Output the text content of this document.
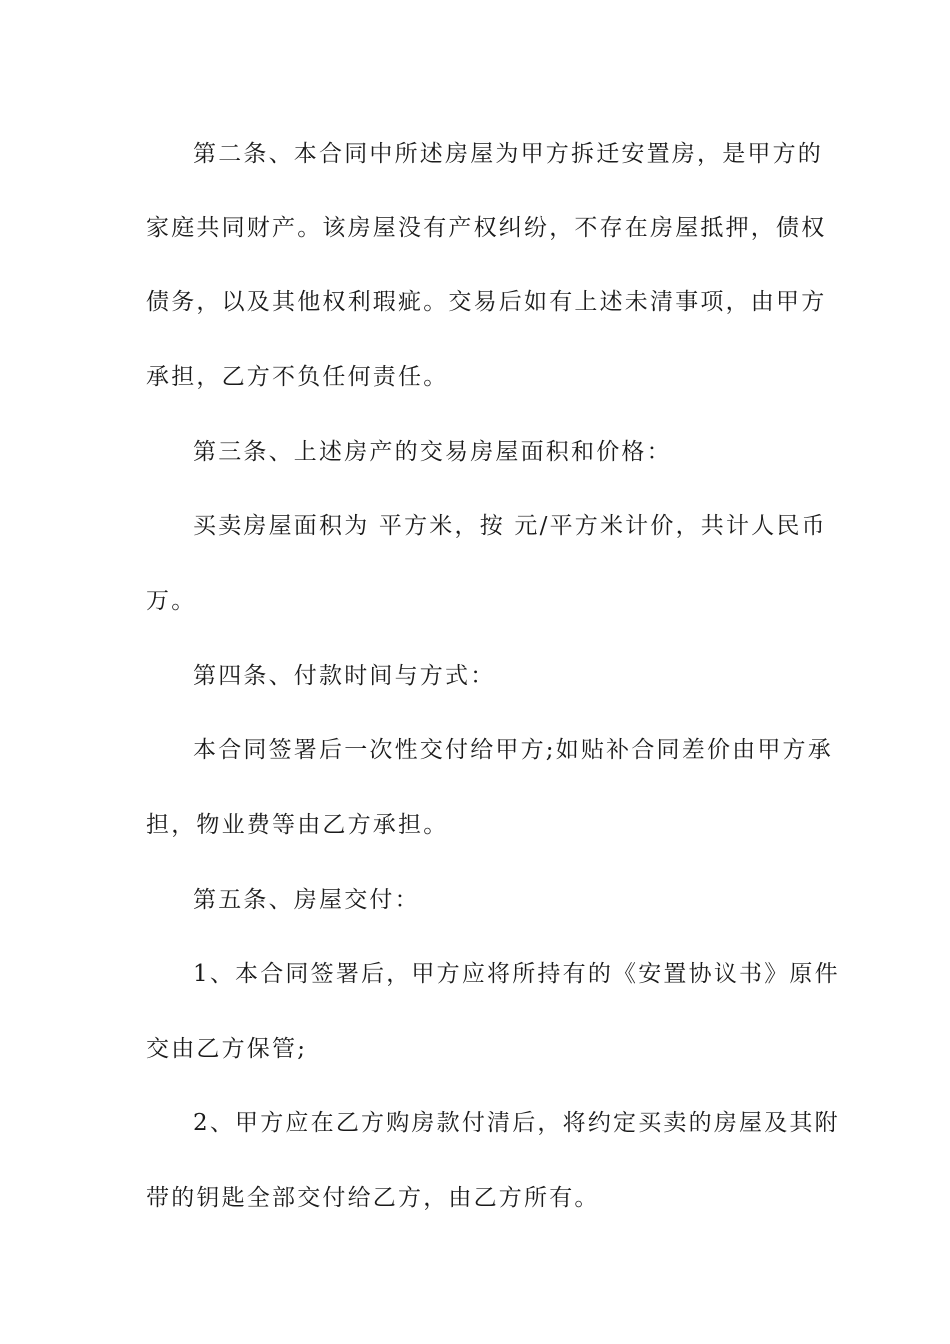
第二条、本合同中所述房屋为甲方拆迁安置房，是甲方的
家庭共同财产。该房屋没有产权纠纷，不存在房屋抵押，债权
债务，以及其他权利瑕疵。交易后如有上述未清事项，由甲方
承担，乙方不负任何责任。
第三条、上述房产的交易房屋面积和价格：
买卖房屋面积为 平方米，按 元/平方米计价，共计人民币
万。
第四条、付款时间与方式：
本合同签署后一次性交付给甲方;如贴补合同差价由甲方承
担，物业费等由乙方承担。
第五条、房屋交付：
1、本合同签署后，甲方应将所持有的《安置协议书》原件
交由乙方保管;
2、甲方应在乙方购房款付清后，将约定买卖的房屋及其附
带的钥匙全部交付给乙方，由乙方所有。
